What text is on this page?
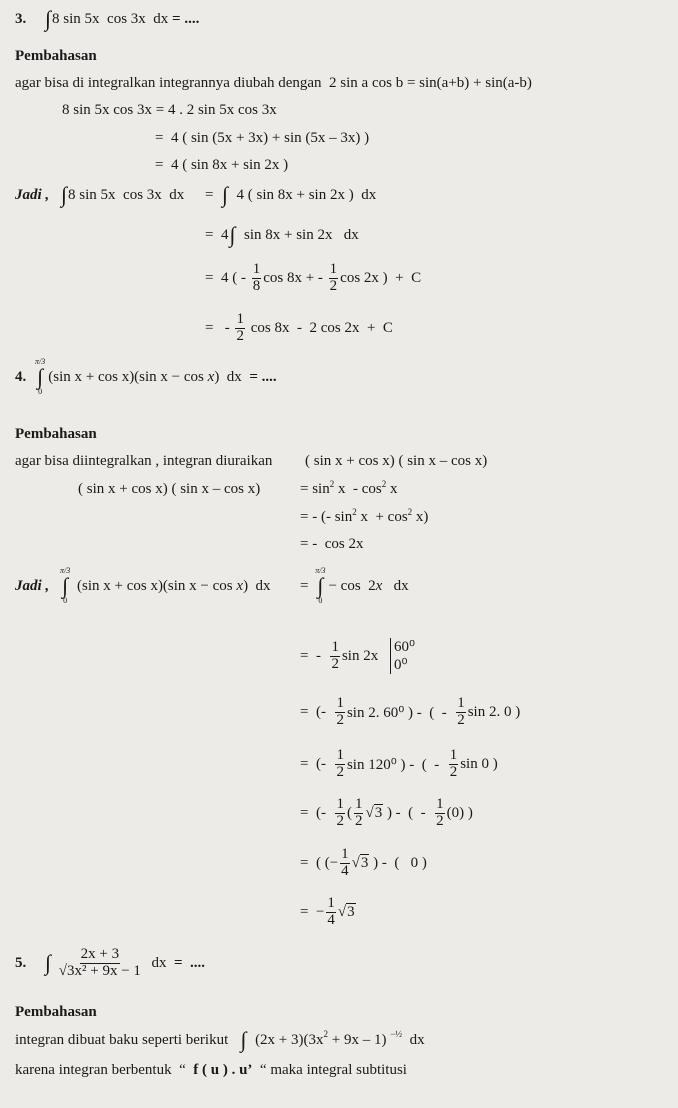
3. ∫ 8 sin 5x  cos 3x  dx = ....
Pembahasan
agar bisa di integralkan integrannya diubah dengan  2 sin a cos b = sin(a+b) + sin(a-b)
8 sin 5x cos 3x = 4 . 2 sin 5x cos 3x
=  4 ( sin (5x + 3x) + sin (5x – 3x) )
=  4 ( sin 8x + sin 2x )
Jadi , ∫ 8 sin 5x  cos 3x  dx = ∫ 4 ( sin 8x + sin 2x )  dx
=  4 ∫ sin 8x + sin 2x   dx
=  4 ( - $\frac{1}{8}$ cos 8x + - $\frac{1}{2}$ cos 2x )  +  C
=   - $\frac{1}{2}$ cos 8x  -  2 cos 2x  +  C
4.
π/3
∫
0
(sin x + cos x)(sin x − cos x )  dx = ....
Pembahasan
agar bisa diintegralkan , integran diuraikan ( sin x + cos x) ( sin x – cos x)
( sin x + cos x) ( sin x – cos x)	= sin 2 x  - cos 2 x
= - (- sin 2 x  + cos 2 x)
= -  cos 2x
Jadi ,
π/3
∫
0
(sin x + cos x)(sin x − cos x )  dx =
π/3
∫
0
− cos  2 x dx
=  - $\frac{1}{2}$ sin 2x
60⁰
0⁰
=  (- $\frac{1}{2}$ sin 2. 60⁰ ) -  (  - $\frac{1}{2}$ sin 2. 0 )
=  (- $\frac{1}{2}$ sin 120⁰ ) -  (  - $\frac{1}{2}$ sin 0 )
=  (- $\frac{1}{2}$ ( $\frac{1}{2}$ √ 3 ) -  (  - $\frac{1}{2} (0)$ )
=  ( (− $\frac{1}{4}$ √ 3 ) -  (   0 )
=  − $\frac{1}{4}$ √ 3
5. ∫
$\frac{2x + 3}{\text{√3x² + 9x − 1}}$ dx =  ....
Pembahasan
integran dibuat baku seperti berikut ∫ (2x + 3)(3x 2 + 9x – 1) −½ dx
karena integran berbentuk  “ f ( u ) . u’ “ maka integral subtitusi
